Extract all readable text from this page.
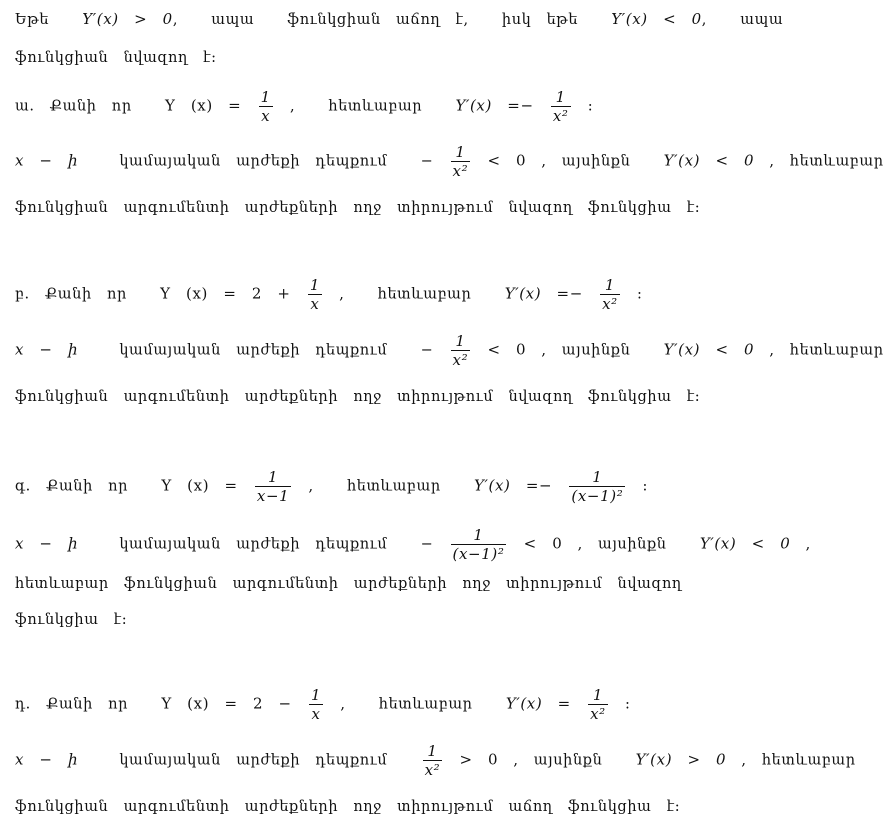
Եթե Y′(x) > 0, ապա ֆունկցիան աճող է, իսկ եթե Y′(x) < 0, ապա
ֆունկցիան նվազող է:
ա. Քանի որ Y $(x) = \frac{1}{x}$ , հետևաբար $Y'(x) =- \frac{1}{\text{x²}}$ :
x − ի	կամայական արժեքի դեպքում − $\frac{1}{\text{x²}} < 0$ , այսինքն Y′(x) < 0 , հետևաբար
ֆունկցիան արգումենտի արժեքների ողջ տիրույթում նվազող ֆունկցիա է:
բ. Քանի որ Y $(x) = 2 + \frac{1}{x}$ , հետևաբար $Y'(x) =- \frac{1}{\text{x²}}$ :
x − ի	կամայական արժեքի դեպքում − $\frac{1}{\text{x²}} < 0$ , այսինքն Y′(x) < 0 , հետևաբար
ֆունկցիան արգումենտի արժեքների ողջ տիրույթում նվազող ֆունկցիա է:
գ. Քանի որ Y $(x) = \frac{1}{x-1}$ , հետևաբար $Y'(x) =- \frac{1}{\text{(x−1)²}}$ :
x − ի	կամայական արժեքի դեպքում − $\frac{1}{\text{(x−1)²}} < 0$ , այսինքն Y′(x) < 0 ,
հետևաբար ֆունկցիան արգումենտի արժեքների ողջ տիրույթում նվազող
ֆունկցիա է:
դ. Քանի որ Y $(x) = 2 - \frac{1}{x}$ , հետևաբար $Y'(x) = \frac{1}{\text{x²}}$ :
x − ի	կամայական արժեքի դեպքում $\frac{1}{\text{x²}} > 0$ , այսինքն Y′(x) > 0 , հետևաբար
ֆունկցիան արգումենտի արժեքների ողջ տիրույթում աճող ֆունկցիա է:
